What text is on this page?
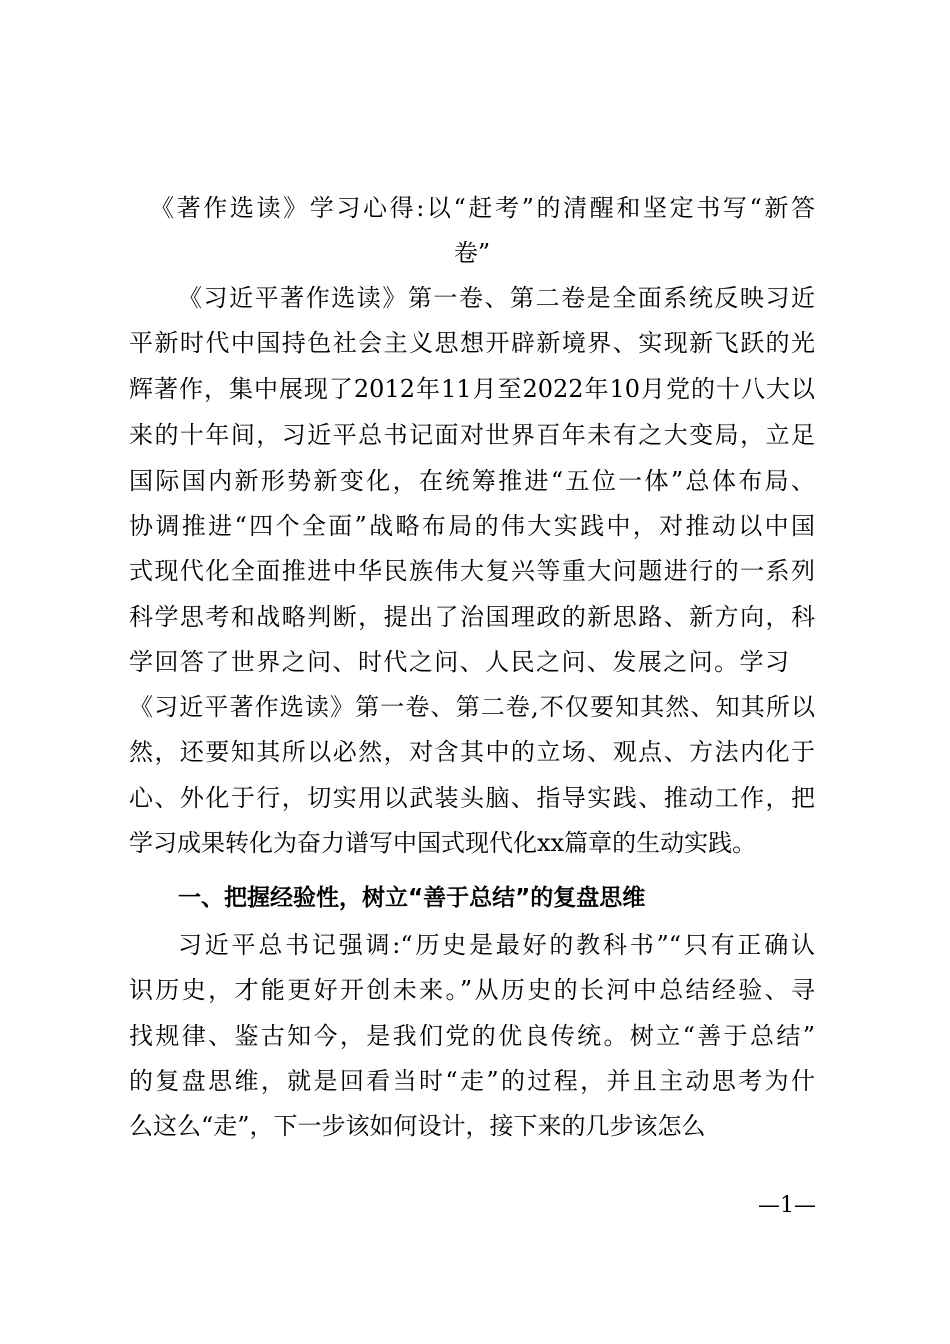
《著作选读》学习心得:以“赶考”的清醒和坚定书写“新答
卷”
《习近平著作选读》第一卷、第二卷是全面系统反映习近
平新时代中国持色社会主义思想开辟新境界、实现新飞跃的光
辉著作，集中展现了2012年11月至2022年10月党的十八大以
来的十年间，习近平总书记面对世界百年未有之大变局，立足
国际国内新形势新变化，在统筹推进“五位一体”总体布局、
协调推进“四个全面”战略布局的伟大实践中，对推动以中国
式现代化全面推进中华民族伟大复兴等重大问题进行的一系列
科学思考和战略判断，提出了治国理政的新思路、新方向，科
学回答了世界之问、时代之问、人民之问、发展之问。学习
《习近平著作选读》第一卷、第二卷,不仅要知其然、知其所以
然，还要知其所以必然，对含其中的立场、观点、方法内化于
心、外化于行，切实用以武装头脑、指导实践、推动工作，把
学习成果转化为奋力谱写中国式现代化xx篇章的生动实践。
一、把握经验性，树立“善于总结”的复盘思维
习近平总书记强调:“历史是最好的教科书”“只有正确认
识历史，才能更好开创未来。”从历史的长河中总结经验、寻
找规律、鉴古知今，是我们党的优良传统。树立“善于总结”
的复盘思维，就是回看当时“走”的过程，并且主动思考为什
么这么“走”，下一步该如何设计，接下来的几步该怎么
—1—
